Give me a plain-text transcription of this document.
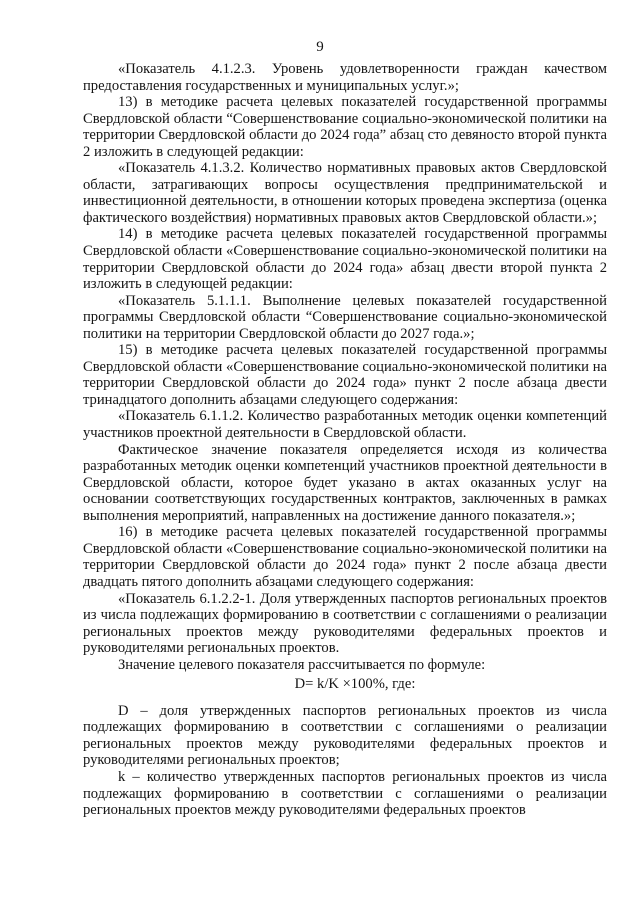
9

«Показатель 4.1.2.3. Уровень удовлетворенности граждан качеством предоставления государственных и муниципальных услуг.»;

13) в методике расчета целевых показателей государственной программы Свердловской области “Совершенствование социально-экономической политики на территории Свердловской области до 2024 года” абзац сто девяносто второй пункта 2 изложить в следующей редакции:

«Показатель 4.1.3.2. Количество нормативных правовых актов Свердловской области, затрагивающих вопросы осуществления предпринимательской и инвестиционной деятельности, в отношении которых проведена экспертиза (оценка фактического воздействия) нормативных правовых актов Свердловской области.»;

14) в методике расчета целевых показателей государственной программы Свердловской области «Совершенствование социально-экономической политики на территории Свердловской области до 2024 года» абзац двести второй пункта 2 изложить в следующей редакции:

«Показатель 5.1.1.1. Выполнение целевых показателей государственной программы Свердловской области “Совершенствование социально-экономической политики на территории Свердловской области до 2027 года.»;

15) в методике расчета целевых показателей государственной программы Свердловской области «Совершенствование социально-экономической политики на территории Свердловской области до 2024 года» пункт 2 после абзаца двести тринадцатого дополнить абзацами следующего содержания:

«Показатель 6.1.1.2. Количество разработанных методик оценки компетенций участников проектной деятельности в Свердловской области.

Фактическое значение показателя определяется исходя из количества разработанных методик оценки компетенций участников проектной деятельности в Свердловской области, которое будет указано в актах оказанных услуг на основании соответствующих государственных контрактов, заключенных в рамках выполнения мероприятий, направленных на достижение данного показателя.»;

16) в методике расчета целевых показателей государственной программы Свердловской области «Совершенствование социально-экономической политики на территории Свердловской области до 2024 года» пункт 2 после абзаца двести двадцать пятого дополнить абзацами следующего содержания:

«Показатель 6.1.2.2-1. Доля утвержденных паспортов региональных проектов из числа подлежащих формированию в соответствии с соглашениями о реализации региональных проектов между руководителями федеральных проектов и руководителями региональных проектов.

Значение целевого показателя рассчитывается по формуле:

D= k/K ×100%, где:

D – доля утвержденных паспортов региональных проектов из числа подлежащих формированию в соответствии с соглашениями о реализации региональных проектов между руководителями федеральных проектов и руководителями региональных проектов;

k – количество утвержденных паспортов региональных проектов из числа подлежащих формированию в соответствии с соглашениями о реализации региональных проектов между руководителями федеральных проектов
